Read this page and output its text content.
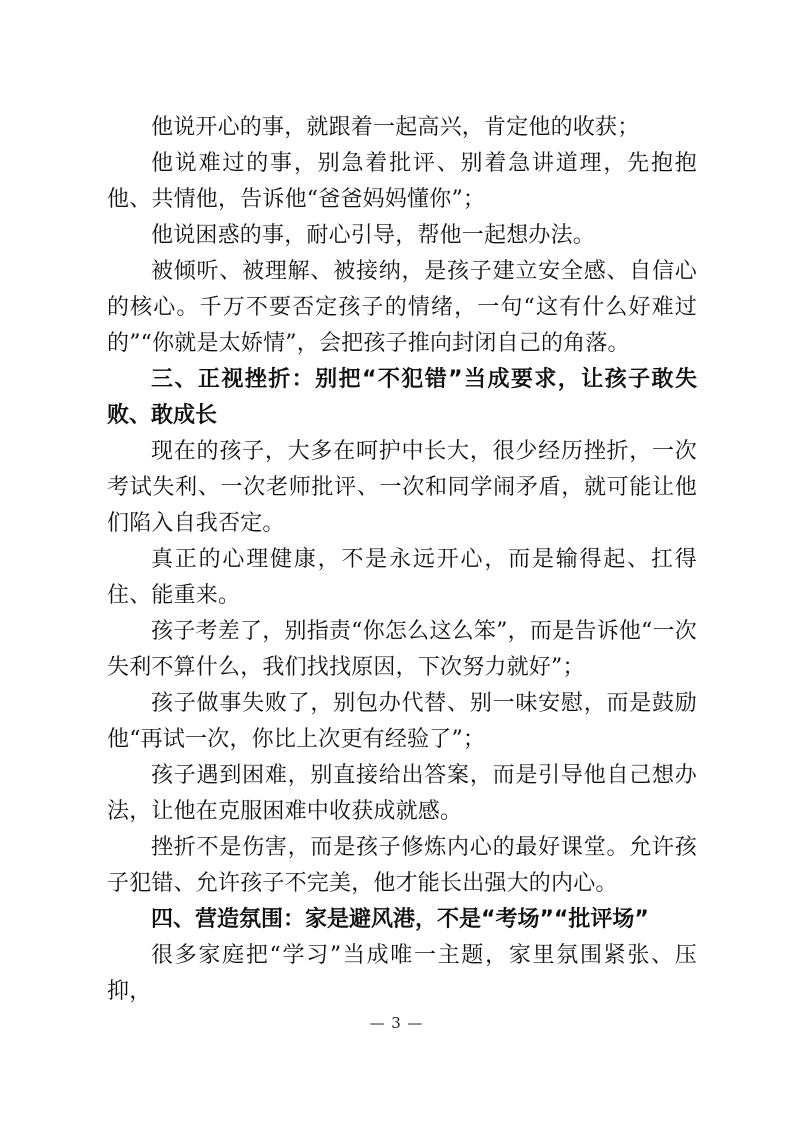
他说开心的事，就跟着一起高兴，肯定他的收获；

他说难过的事，别急着批评、别着急讲道理，先抱抱他、共情他，告诉他“爸爸妈妈懂你”；

他说困惑的事，耐心引导，帮他一起想办法。

被倾听、被理解、被接纳，是孩子建立安全感、自信心的核心。千万不要否定孩子的情绪，一句“这有什么好难过的”“你就是太娇情”，会把孩子推向封闭自己的角落。

三、正视挫折：别把“不犯错”当成要求，让孩子敢失败、敢成长

现在的孩子，大多在呵护中长大，很少经历挫折，一次考试失利、一次老师批评、一次和同学闹矛盾，就可能让他们陷入自我否定。

真正的心理健康，不是永远开心，而是输得起、扛得住、能重来。

孩子考差了，别指责“你怎么这么笨”，而是告诉他“一次失利不算什么，我们找找原因，下次努力就好”；

孩子做事失败了，别包办代替、别一味安慰，而是鼓励他“再试一次，你比上次更有经验了”；

孩子遇到困难，别直接给出答案，而是引导他自己想办法，让他在克服困难中收获成就感。

挫折不是伤害，而是孩子修炼内心的最好课堂。允许孩子犯错、允许孩子不完美，他才能长出强大的内心。

四、营造氛围：家是避风港，不是“考场”“批评场”

很多家庭把“学习”当成唯一主题，家里氛围紧张、压抑，

— 3 —
